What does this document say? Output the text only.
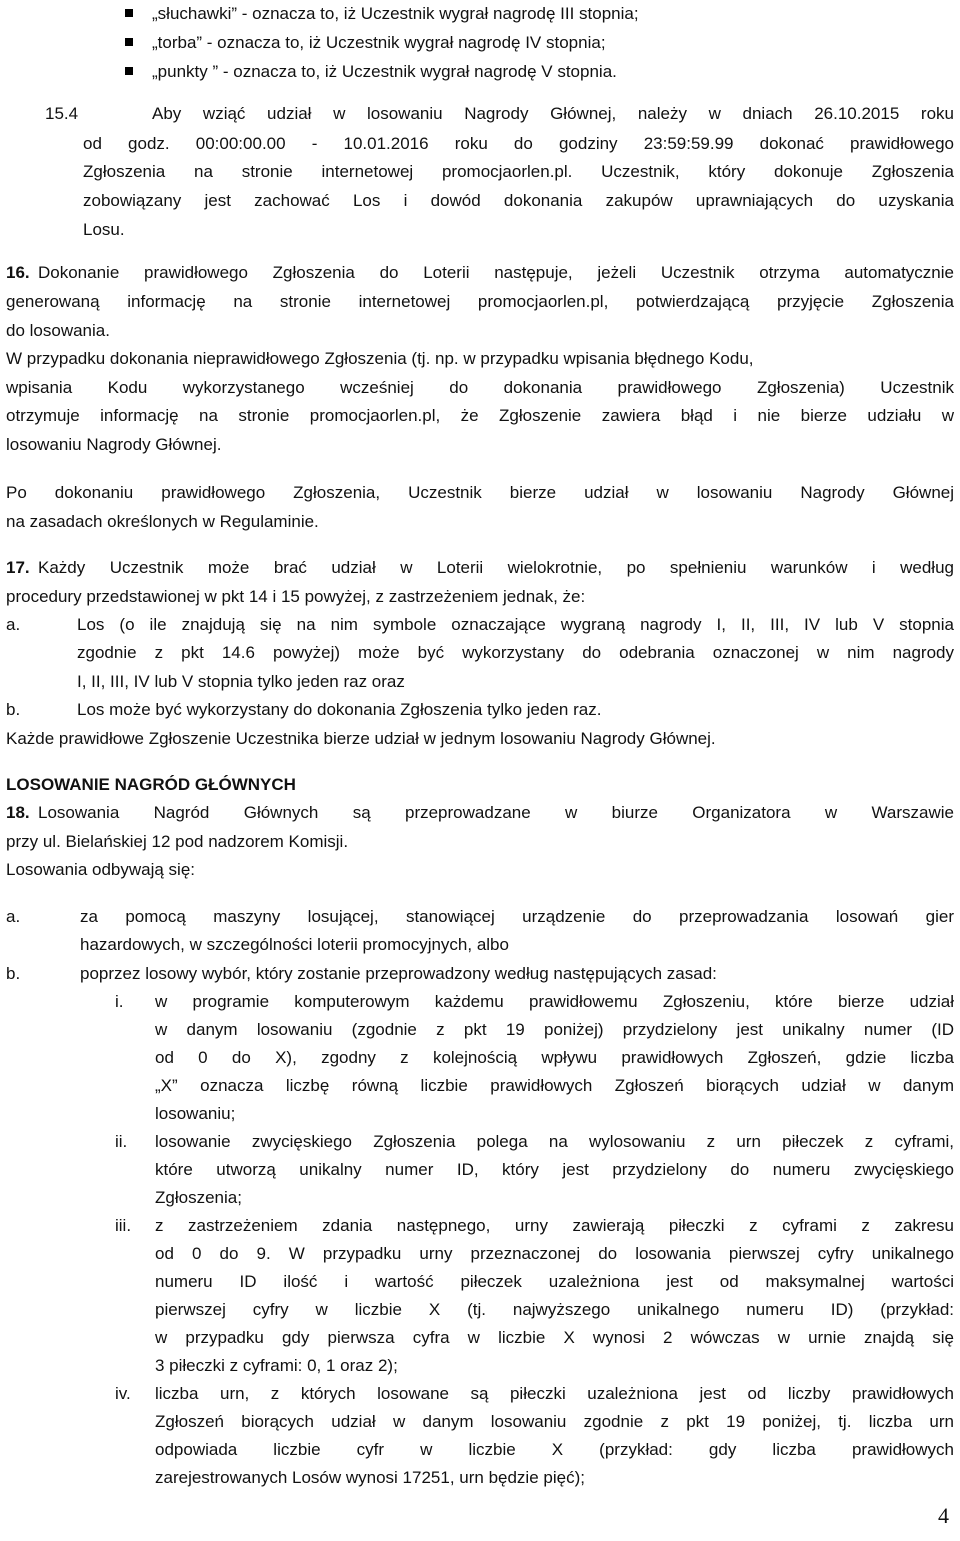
„słuchawki” - oznacza to, iż Uczestnik wygrał nagrodę III stopnia;
„torba” - oznacza to, iż Uczestnik wygrał nagrodę IV stopnia;
„punkty ” - oznacza to, iż Uczestnik wygrał nagrodę V stopnia.
15.4	Aby wziąć udział w losowaniu Nagrody Głównej, należy w dniach 26.10.2015 roku
od godz. 00:00:00.00 - 10.01.2016 roku do godziny 23:59:59.99 dokonać prawidłowego
Zgłoszenia na stronie internetowej promocjaorlen.pl. Uczestnik, który dokonuje Zgłoszenia
zobowiązany jest zachować Los i dowód dokonania zakupów uprawniających do uzyskania
Losu.
16. Dokonanie prawidłowego Zgłoszenia do Loterii następuje, jeżeli Uczestnik otrzyma automatycznie
generowaną informację na stronie internetowej promocjaorlen.pl, potwierdzającą przyjęcie Zgłoszenia
do losowania.
W przypadku dokonania nieprawidłowego Zgłoszenia (tj. np. w przypadku wpisania błędnego Kodu,
wpisania Kodu wykorzystanego wcześniej do dokonania prawidłowego Zgłoszenia) Uczestnik
otrzymuje informację na stronie promocjaorlen.pl, że Zgłoszenie zawiera błąd i nie bierze udziału w
losowaniu Nagrody Głównej.
Po dokonaniu prawidłowego Zgłoszenia, Uczestnik bierze udział w losowaniu Nagrody Głównej
na zasadach określonych w Regulaminie.
17. Każdy Uczestnik może brać udział w Loterii wielokrotnie, po spełnieniu warunków i według
procedury przedstawionej w pkt 14 i 15 powyżej, z zastrzeżeniem jednak, że:
a.	Los (o ile znajdują się na nim symbole oznaczające wygraną nagrody I, II, III, IV lub V stopnia
zgodnie z pkt 14.6 powyżej) może być wykorzystany do odebrania oznaczonej w nim nagrody
I, II, III, IV lub V stopnia tylko jeden raz oraz
b.	Los może być wykorzystany do dokonania Zgłoszenia tylko jeden raz.
Każde prawidłowe Zgłoszenie Uczestnika bierze udział w jednym losowaniu Nagrody Głównej.
LOSOWANIE NAGRÓD GŁÓWNYCH
18. Losowania Nagród Głównych są przeprowadzane w biurze Organizatora w Warszawie
przy ul. Bielańskiej 12 pod nadzorem Komisji.
Losowania odbywają się:
a.	za pomocą maszyny losującej, stanowiącej urządzenie do przeprowadzania losowań gier
hazardowych, w szczególności loterii promocyjnych, albo
b.	poprzez losowy wybór, który zostanie przeprowadzony według następujących zasad:
i. w programie komputerowym każdemu prawidłowemu Zgłoszeniu, które bierze udział
w danym losowaniu (zgodnie z pkt 19 poniżej) przydzielony jest unikalny numer (ID
od 0 do X), zgodny z kolejnością wpływu prawidłowych Zgłoszeń, gdzie liczba
„X” oznacza liczbę równą liczbie prawidłowych Zgłoszeń biorących udział w danym
losowaniu;
ii. losowanie zwycięskiego Zgłoszenia polega na wylosowaniu z urn piłeczek z cyframi,
które utworzą unikalny numer ID, który jest przydzielony do numeru zwycięskiego
Zgłoszenia;
iii. z zastrzeżeniem zdania następnego, urny zawierają piłeczki z cyframi z zakresu
od 0 do 9. W przypadku urny przeznaczonej do losowania pierwszej cyfry unikalnego
numeru ID ilość i wartość piłeczek uzależniona jest od maksymalnej wartości
pierwszej cyfry w liczbie X (tj. najwyższego unikalnego numeru ID) (przykład:
w przypadku gdy pierwsza cyfra w liczbie X wynosi 2 wówczas w urnie znajdą się
3 piłeczki z cyframi: 0, 1 oraz 2);
iv. liczba urn, z których losowane są piłeczki uzależniona jest od liczby prawidłowych
Zgłoszeń biorących udział w danym losowaniu zgodnie z pkt 19 poniżej, tj. liczba urn
odpowiada liczbie cyfr w liczbie X (przykład: gdy liczba prawidłowych
zarejestrowanych Losów wynosi 17251, urn będzie pięć);
4
